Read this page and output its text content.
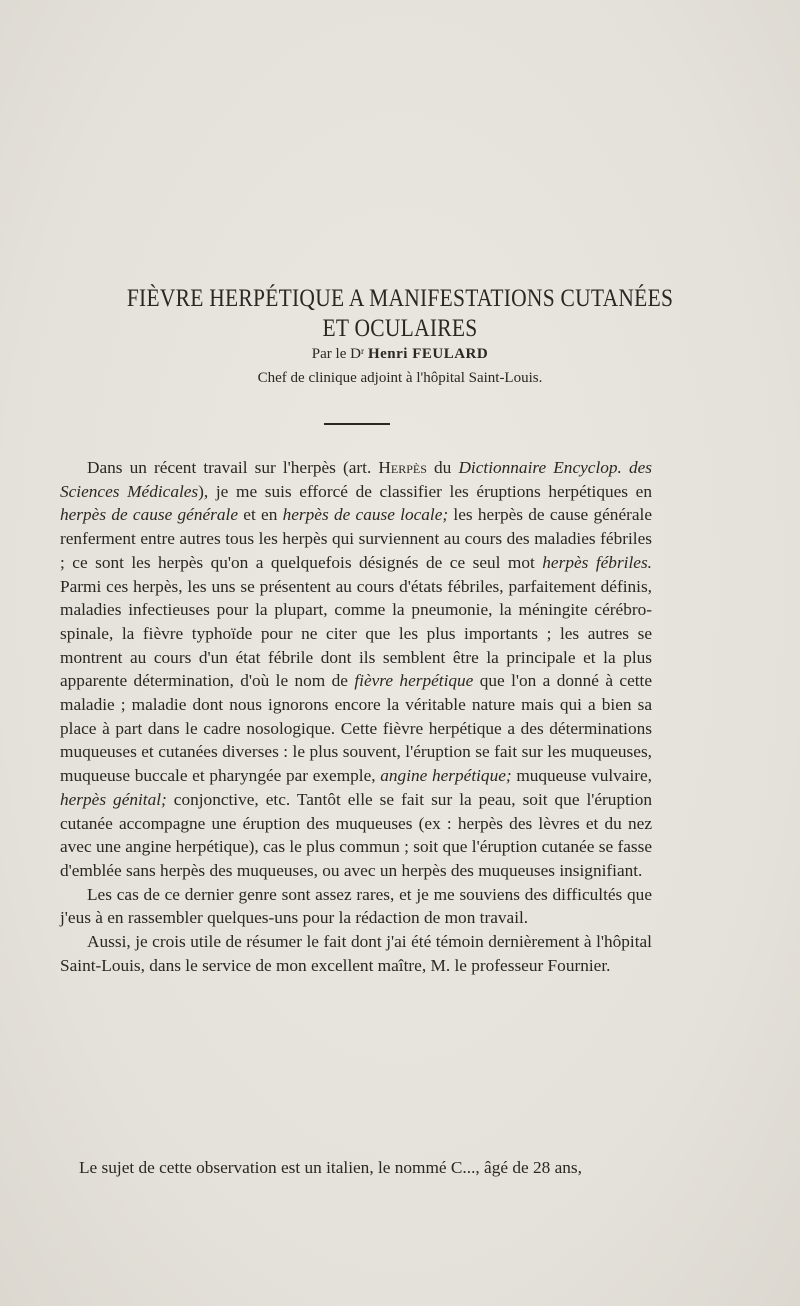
FIÈVRE HERPÉTIQUE A MANIFESTATIONS CUTANÉES
ET OCULAIRES
Par le Dʳ Henri FEULARD
Chef de clinique adjoint à l'hôpital Saint-Louis.

Dans un récent travail sur l'herpès (art. Herpès du Dictionnaire Encyclop. des Sciences Médicales), je me suis efforcé de classifier les éruptions herpétiques en herpès de cause générale et en herpès de cause locale; les herpès de cause générale renferment entre autres tous les herpès qui surviennent au cours des maladies fébriles ; ce sont les herpès qu'on a quelquefois désignés de ce seul mot herpès fébriles. Parmi ces herpès, les uns se présentent au cours d'états fébriles, parfaitement définis, maladies infectieuses pour la plupart, comme la pneumonie, la méningite cérébro-spinale, la fièvre typhoïde pour ne citer que les plus importants ; les autres se montrent au cours d'un état fébrile dont ils semblent être la principale et la plus apparente détermination, d'où le nom de fièvre herpétique que l'on a donné à cette maladie ; maladie dont nous ignorons encore la véritable nature mais qui a bien sa place à part dans le cadre nosologique. Cette fièvre herpétique a des déterminations muqueuses et cutanées diverses : le plus souvent, l'éruption se fait sur les muqueuses, muqueuse buccale et pharyngée par exemple, angine herpétique; muqueuse vulvaire, herpès génital; conjonctive, etc. Tantôt elle se fait sur la peau, soit que l'éruption cutanée accompagne une éruption des muqueuses (ex : herpès des lèvres et du nez avec une angine herpétique), cas le plus commun ; soit que l'éruption cutanée se fasse d'emblée sans herpès des muqueuses, ou avec un herpès des muqueuses insignifiant.

Les cas de ce dernier genre sont assez rares, et je me souviens des difficultés que j'eus à en rassembler quelques-uns pour la rédaction de mon travail.

Aussi, je crois utile de résumer le fait dont j'ai été témoin dernièrement à l'hôpital Saint-Louis, dans le service de mon excellent maître, M. le professeur Fournier.

Le sujet de cette observation est un italien, le nommé C..., âgé de 28 ans,
